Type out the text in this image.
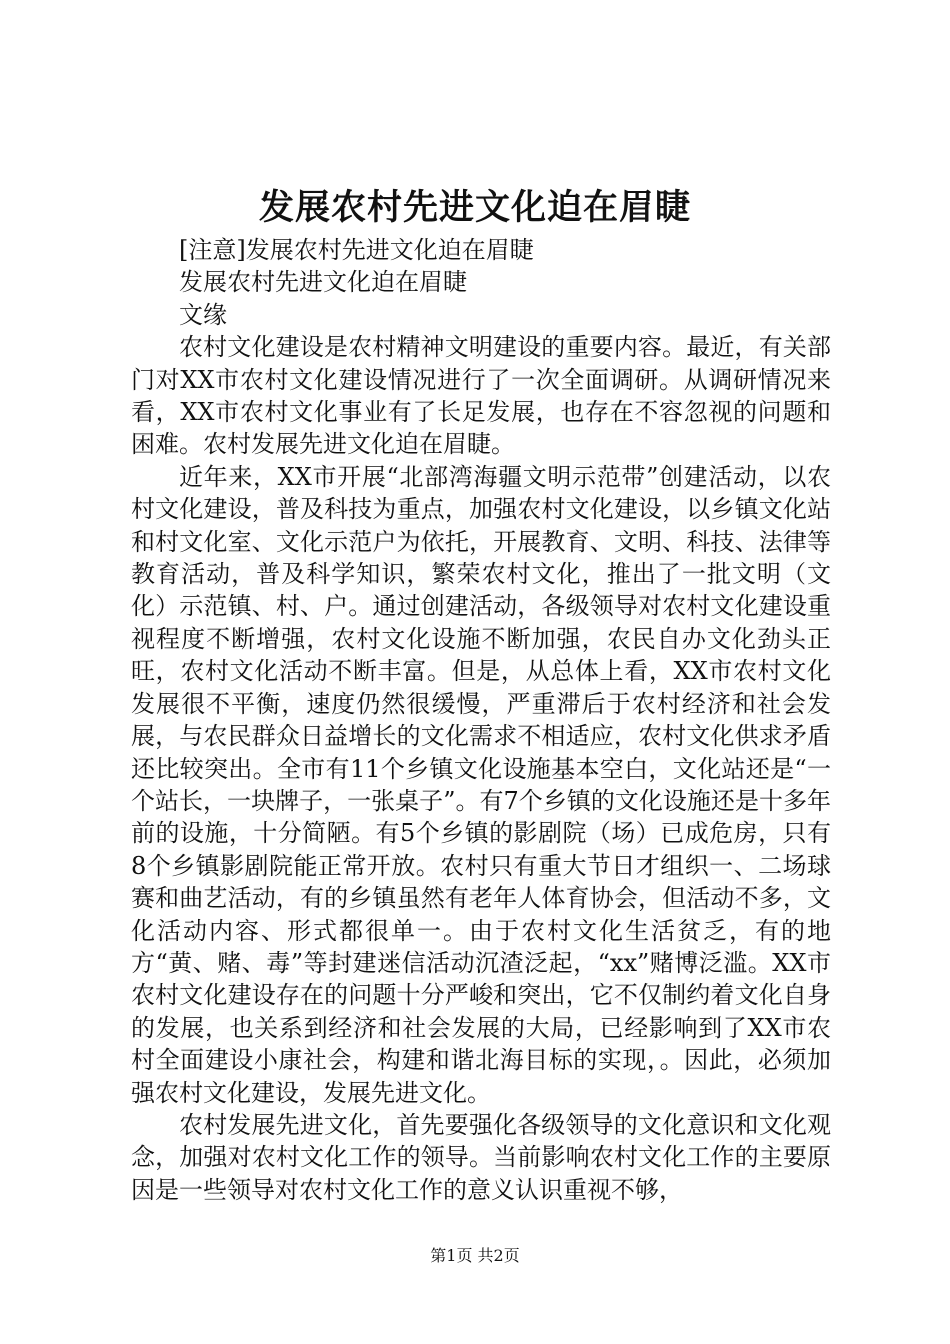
发展农村先进文化迫在眉睫

[注意]发展农村先进文化迫在眉睫

发展农村先进文化迫在眉睫

文缘

农村文化建设是农村精神文明建设的重要内容。最近，有关部门对XX市农村文化建设情况进行了一次全面调研。从调研情况来看，XX市农村文化事业有了长足发展，也存在不容忽视的问题和困难。农村发展先进文化迫在眉睫。

近年来，XX市开展“北部湾海疆文明示范带”创建活动，以农村文化建设，普及科技为重点，加强农村文化建设，以乡镇文化站和村文化室、文化示范户为依托，开展教育、文明、科技、法律等教育活动，普及科学知识，繁荣农村文化，推出了一批文明（文化）示范镇、村、户。通过创建活动，各级领导对农村文化建设重视程度不断增强，农村文化设施不断加强，农民自办文化劲头正旺，农村文化活动不断丰富。但是，从总体上看，XX市农村文化发展很不平衡，速度仍然很缓慢，严重滞后于农村经济和社会发展，与农民群众日益增长的文化需求不相适应，农村文化供求矛盾还比较突出。全市有11个乡镇文化设施基本空白，文化站还是“一个站长，一块牌子，一张桌子”。有7个乡镇的文化设施还是十多年前的设施，十分简陋。有5个乡镇的影剧院（场）已成危房，只有8个乡镇影剧院能正常开放。农村只有重大节日才组织一、二场球赛和曲艺活动，有的乡镇虽然有老年人体育协会，但活动不多，文化活动内容、形式都很单一。由于农村文化生活贫乏，有的地方“黄、赌、毒”等封建迷信活动沉渣泛起，“xx”赌博泛滥。XX市农村文化建设存在的问题十分严峻和突出，它不仅制约着文化自身的发展，也关系到经济和社会发展的大局，已经影响到了XX市农村全面建设小康社会，构建和谐北海目标的实现，。因此，必须加强农村文化建设，发展先进文化。

农村发展先进文化，首先要强化各级领导的文化意识和文化观念，加强对农村文化工作的领导。当前影响农村文化工作的主要原因是一些领导对农村文化工作的意义认识重视不够，

第1页 共2页
